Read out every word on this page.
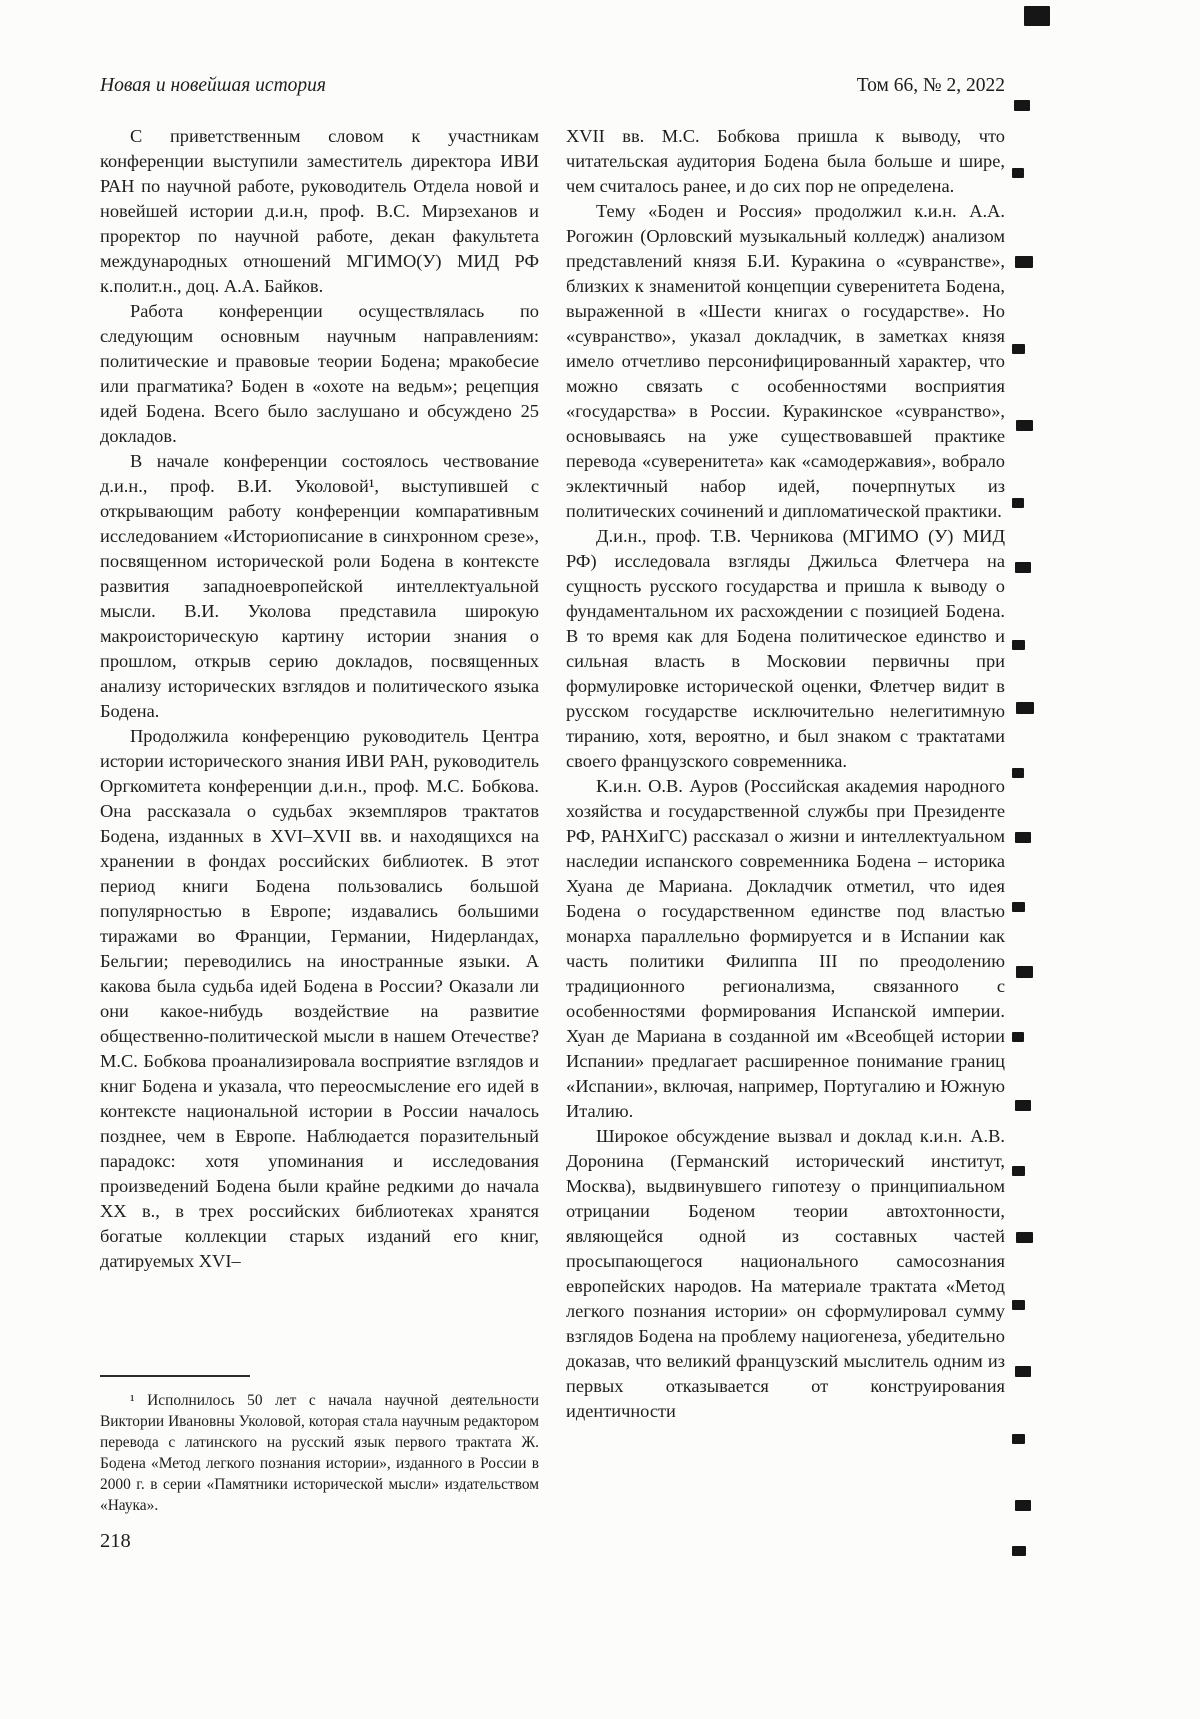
Новая и новейшая история	Том 66, № 2, 2022

С приветственным словом к участникам конференции выступили заместитель директора ИВИ РАН по научной работе, руководитель Отдела новой и новейшей истории д.и.н, проф. В.С. Мирзеханов и проректор по научной работе, декан факультета международных отношений МГИМО(У) МИД РФ к.полит.н., доц. А.А. Байков.

Работа конференции осуществлялась по следующим основным научным направлениям: политические и правовые теории Бодена; мракобесие или прагматика? Боден в «охоте на ведьм»; рецепция идей Бодена. Всего было заслушано и обсуждено 25 докладов.

В начале конференции состоялось чествование д.и.н., проф. В.И. Уколовой¹, выступившей с открывающим работу конференции компаративным исследованием «Историописание в синхронном срезе», посвященном исторической роли Бодена в контексте развития западноевропейской интеллектуальной мысли. В.И. Уколова представила широкую макроисторическую картину истории знания о прошлом, открыв серию докладов, посвященных анализу исторических взглядов и политического языка Бодена.

Продолжила конференцию руководитель Центра истории исторического знания ИВИ РАН, руководитель Оргкомитета конференции д.и.н., проф. М.С. Бобкова. Она рассказала о судьбах экземпляров трактатов Бодена, изданных в XVI–XVII вв. и находящихся на хранении в фондах российских библиотек. В этот период книги Бодена пользовались большой популярностью в Европе; издавались большими тиражами во Франции, Германии, Нидерландах, Бельгии; переводились на иностранные языки. А какова была судьба идей Бодена в России? Оказали ли они какое-нибудь воздействие на развитие общественно-политической мысли в нашем Отечестве? М.С. Бобкова проанализировала восприятие взглядов и книг Бодена и указала, что переосмысление его идей в контексте национальной истории в России началось позднее, чем в Европе. Наблюдается поразительный парадокс: хотя упоминания и исследования произведений Бодена были крайне редкими до начала XX в., в трех российских библиотеках хранятся богатые коллекции старых изданий его книг, датируемых XVI–

¹ Исполнилось 50 лет с начала научной деятельности Виктории Ивановны Уколовой, которая стала научным редактором перевода с латинского на русский язык первого трактата Ж. Бодена «Метод легкого познания истории», изданного в России в 2000 г. в серии «Памятники исторической мысли» издательством «Наука».

XVII вв. М.С. Бобкова пришла к выводу, что читательская аудитория Бодена была больше и шире, чем считалось ранее, и до сих пор не определена.

Тему «Боден и Россия» продолжил к.и.н. А.А. Рогожин (Орловский музыкальный колледж) анализом представлений князя Б.И. Куракина о «сувранстве», близких к знаменитой концепции суверенитета Бодена, выраженной в «Шести книгах о государстве». Но «сувранство», указал докладчик, в заметках князя имело отчетливо персонифицированный характер, что можно связать с особенностями восприятия «государства» в России. Куракинское «сувранство», основываясь на уже существовавшей практике перевода «суверенитета» как «самодержавия», вобрало эклектичный набор идей, почерпнутых из политических сочинений и дипломатической практики.

Д.и.н., проф. Т.В. Черникова (МГИМО (У) МИД РФ) исследовала взгляды Джильса Флетчера на сущность русского государства и пришла к выводу о фундаментальном их расхождении с позицией Бодена. В то время как для Бодена политическое единство и сильная власть в Московии первичны при формулировке исторической оценки, Флетчер видит в русском государстве исключительно нелегитимную тиранию, хотя, вероятно, и был знаком с трактатами своего французского современника.

К.и.н. О.В. Ауров (Российская академия народного хозяйства и государственной службы при Президенте РФ, РАНХиГС) рассказал о жизни и интеллектуальном наследии испанского современника Бодена – историка Хуана де Мариана. Докладчик отметил, что идея Бодена о государственном единстве под властью монарха параллельно формируется и в Испании как часть политики Филиппа III по преодолению традиционного регионализма, связанного с особенностями формирования Испанской империи. Хуан де Мариана в созданной им «Всеобщей истории Испании» предлагает расширенное понимание границ «Испании», включая, например, Португалию и Южную Италию.

Широкое обсуждение вызвал и доклад к.и.н. А.В. Доронина (Германский исторический институт, Москва), выдвинувшего гипотезу о принципиальном отрицании Боденом теории автохтонности, являющейся одной из составных частей просыпающегося национального самосознания европейских народов. На материале трактата «Метод легкого познания истории» он сформулировал сумму взглядов Бодена на проблему нациогенеза, убедительно доказав, что великий французский мыслитель одним из первых отказывается от конструирования идентичности

218
